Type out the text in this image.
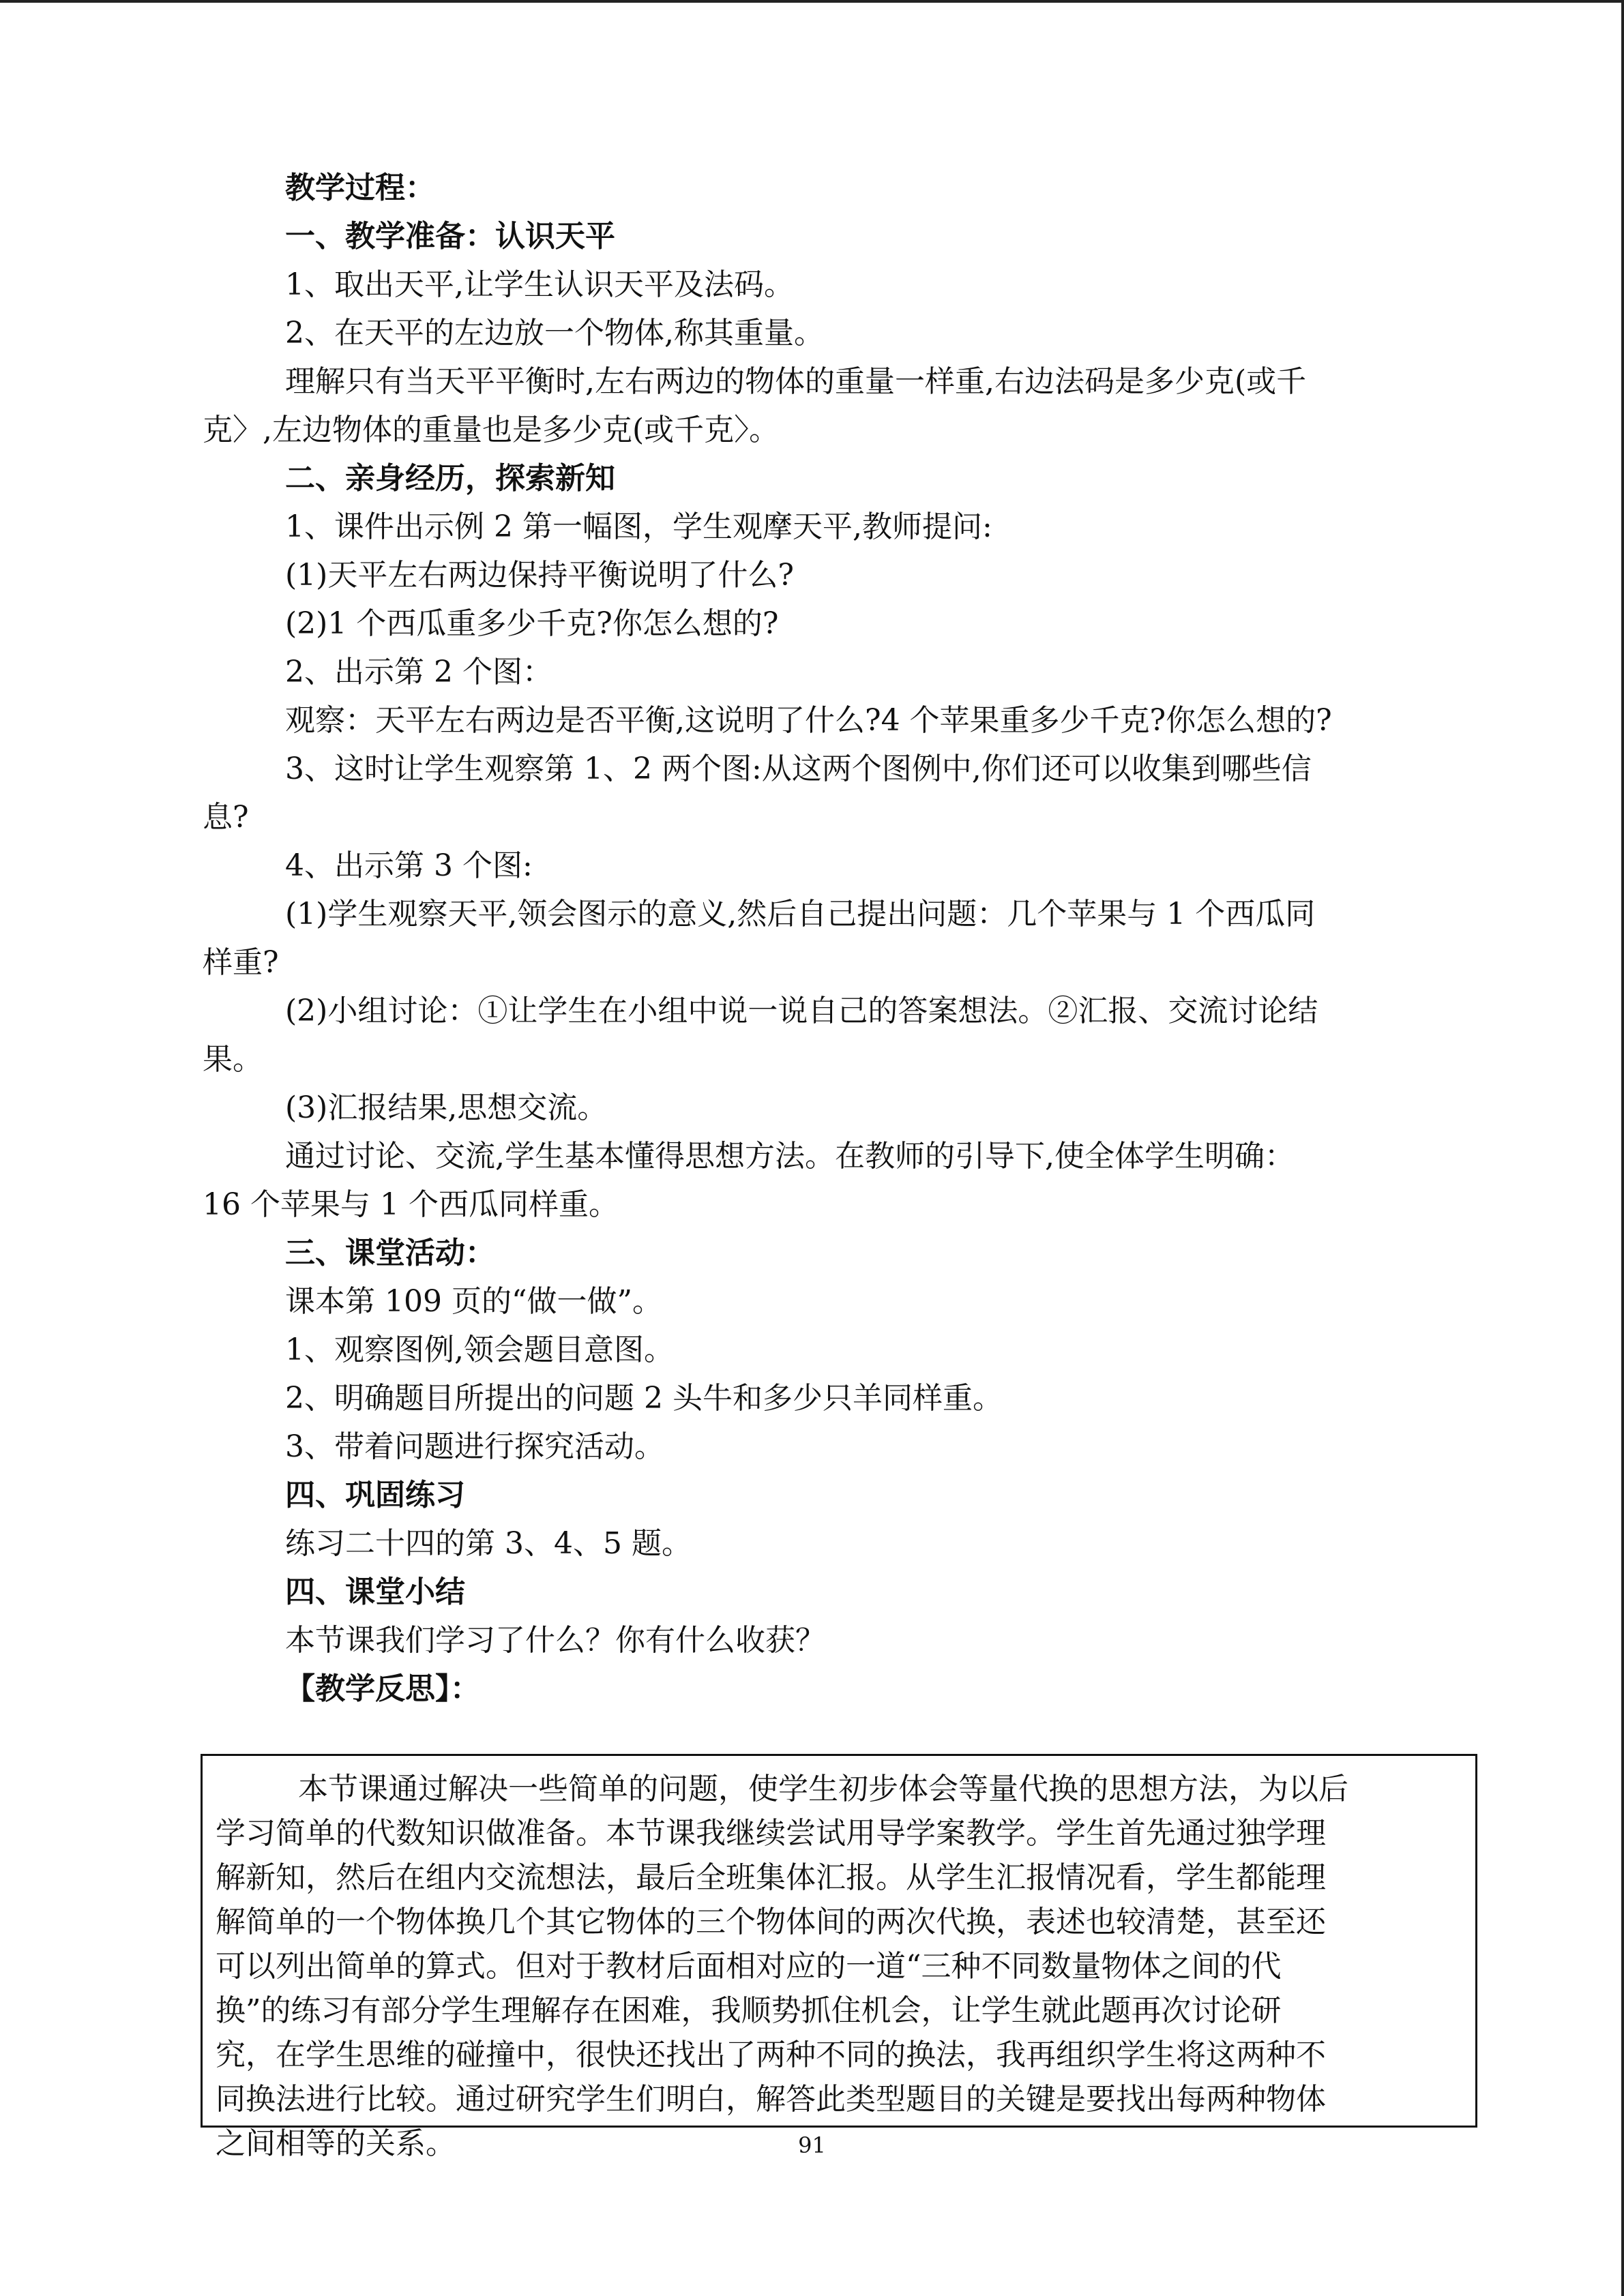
教学过程：
一、教学准备：认识天平
1、取出天平,让学生认识天平及法码。
2、在天平的左边放一个物体,称其重量。
理解只有当天平平衡时,左右两边的物体的重量一样重,右边法码是多少克(或千
克〉,左边物体的重量也是多少克(或千克〉。
二、亲身经历，探索新知
1、课件出示例 2 第一幅图，学生观摩天平,教师提问:
(1)天平左右两边保持平衡说明了什么?
(2)1 个西瓜重多少千克?你怎么想的?
2、出示第 2 个图：
观察：天平左右两边是否平衡,这说明了什么?4 个苹果重多少千克?你怎么想的?
3、这时让学生观察第 1、2 两个图:从这两个图例中,你们还可以收集到哪些信
息?
4、出示第 3 个图:
(1)学生观察天平,领会图示的意义,然后自己提出问题：几个苹果与 1 个西瓜同
样重?
(2)小组讨论：①让学生在小组中说一说自己的答案想法。②汇报、交流讨论结
果。
(3)汇报结果,思想交流。
通过讨论、交流,学生基本懂得思想方法。在教师的引导下,使全体学生明确：
16 个苹果与 1 个西瓜同样重。
三、课堂活动：
课本第 109 页的“做一做”。
1、观察图例,领会题目意图。
2、明确题目所提出的问题 2 头牛和多少只羊同样重。
3、带着问题进行探究活动。
四、巩固练习
练习二十四的第 3、4、5 题。
四、课堂小结
本节课我们学习了什么？你有什么收获？
【教学反思】：
本节课通过解决一些简单的问题，使学生初步体会等量代换的思想方法，为以后
学习简单的代数知识做准备。本节课我继续尝试用导学案教学。学生首先通过独学理
解新知，然后在组内交流想法，最后全班集体汇报。从学生汇报情况看，学生都能理
解简单的一个物体换几个其它物体的三个物体间的两次代换，表述也较清楚，甚至还
可以列出简单的算式。但对于教材后面相对应的一道“三种不同数量物体之间的代
换”的练习有部分学生理解存在困难，我顺势抓住机会，让学生就此题再次讨论研
究，在学生思维的碰撞中，很快还找出了两种不同的换法，我再组织学生将这两种不
同换法进行比较。通过研究学生们明白，解答此类型题目的关键是要找出每两种物体
之间相等的关系。	91
